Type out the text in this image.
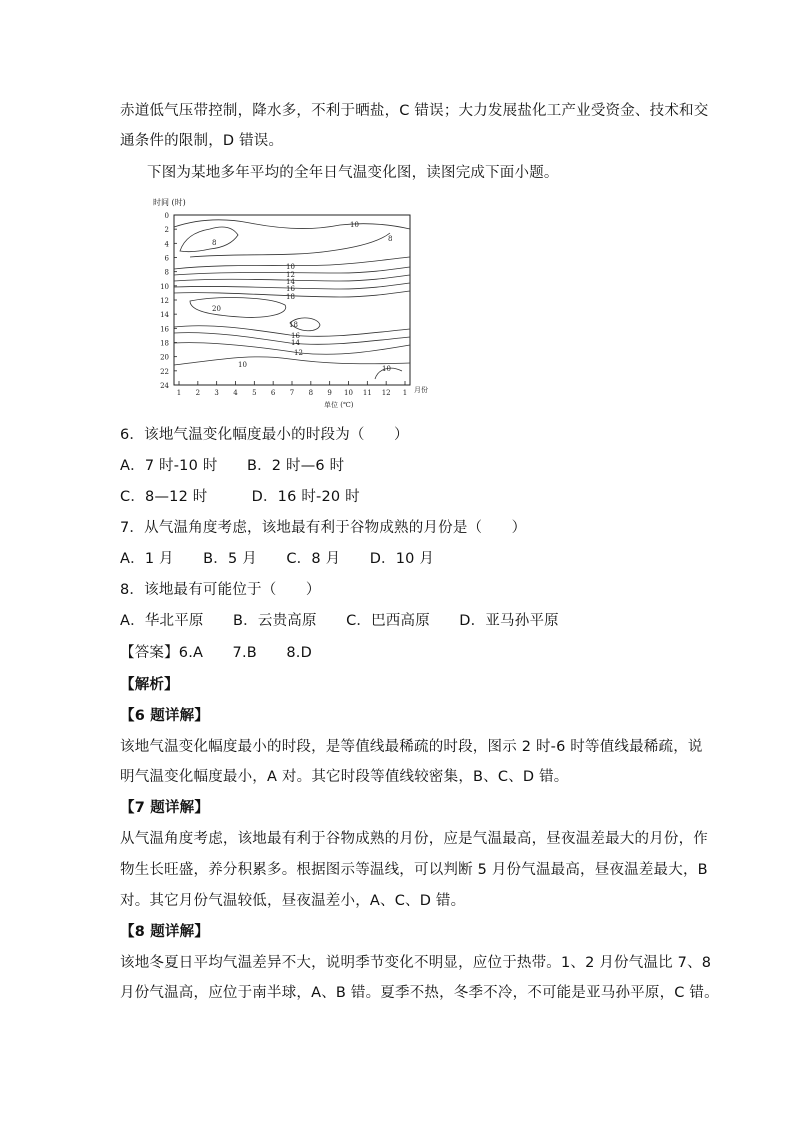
赤道低气压带控制，降水多，不利于晒盐，C 错误；大力发展盐化工产业受资金、技术和交
通条件的限制，D 错误。
下图为某地多年平均的全年日气温变化图，读图完成下面小题。
时间 (时)
0
2
4
6
8
10
12
14
16
18
20
22
24
1 2 3 4 5 6 7 8 9 10 11 12 1 月份
单位 (℃)
10
8	8
10
12
14
16
18
20
18
16
14
12
10	10
6．该地气温变化幅度最小的时段为（　　）
A．7 时-10 时　　B．2 时—6 时
C．8—12 时　　　D．16 时-20 时
7．从气温角度考虑，该地最有利于谷物成熟的月份是（　　）
A．1 月　　B．5 月　　C．8 月　　D．10 月
8．该地最有可能位于（　　）
A．华北平原　　B．云贵高原　　C．巴西高原　　D．亚马孙平原
【答案】6.A　　7.B　　8.D
【解析】
【6 题详解】
该地气温变化幅度最小的时段，是等值线最稀疏的时段，图示 2 时-6 时等值线最稀疏，说
明气温变化幅度最小，A 对。其它时段等值线较密集，B、C、D 错。
【7 题详解】
从气温角度考虑，该地最有利于谷物成熟的月份，应是气温最高，昼夜温差最大的月份，作
物生长旺盛，养分积累多。根据图示等温线，可以判断 5 月份气温最高，昼夜温差最大，B
对。其它月份气温较低，昼夜温差小，A、C、D 错。
【8 题详解】
该地冬夏日平均气温差异不大，说明季节变化不明显，应位于热带。1、2 月份气温比 7、8
月份气温高，应位于南半球，A、B 错。夏季不热，冬季不冷，不可能是亚马孙平原，C 错。
